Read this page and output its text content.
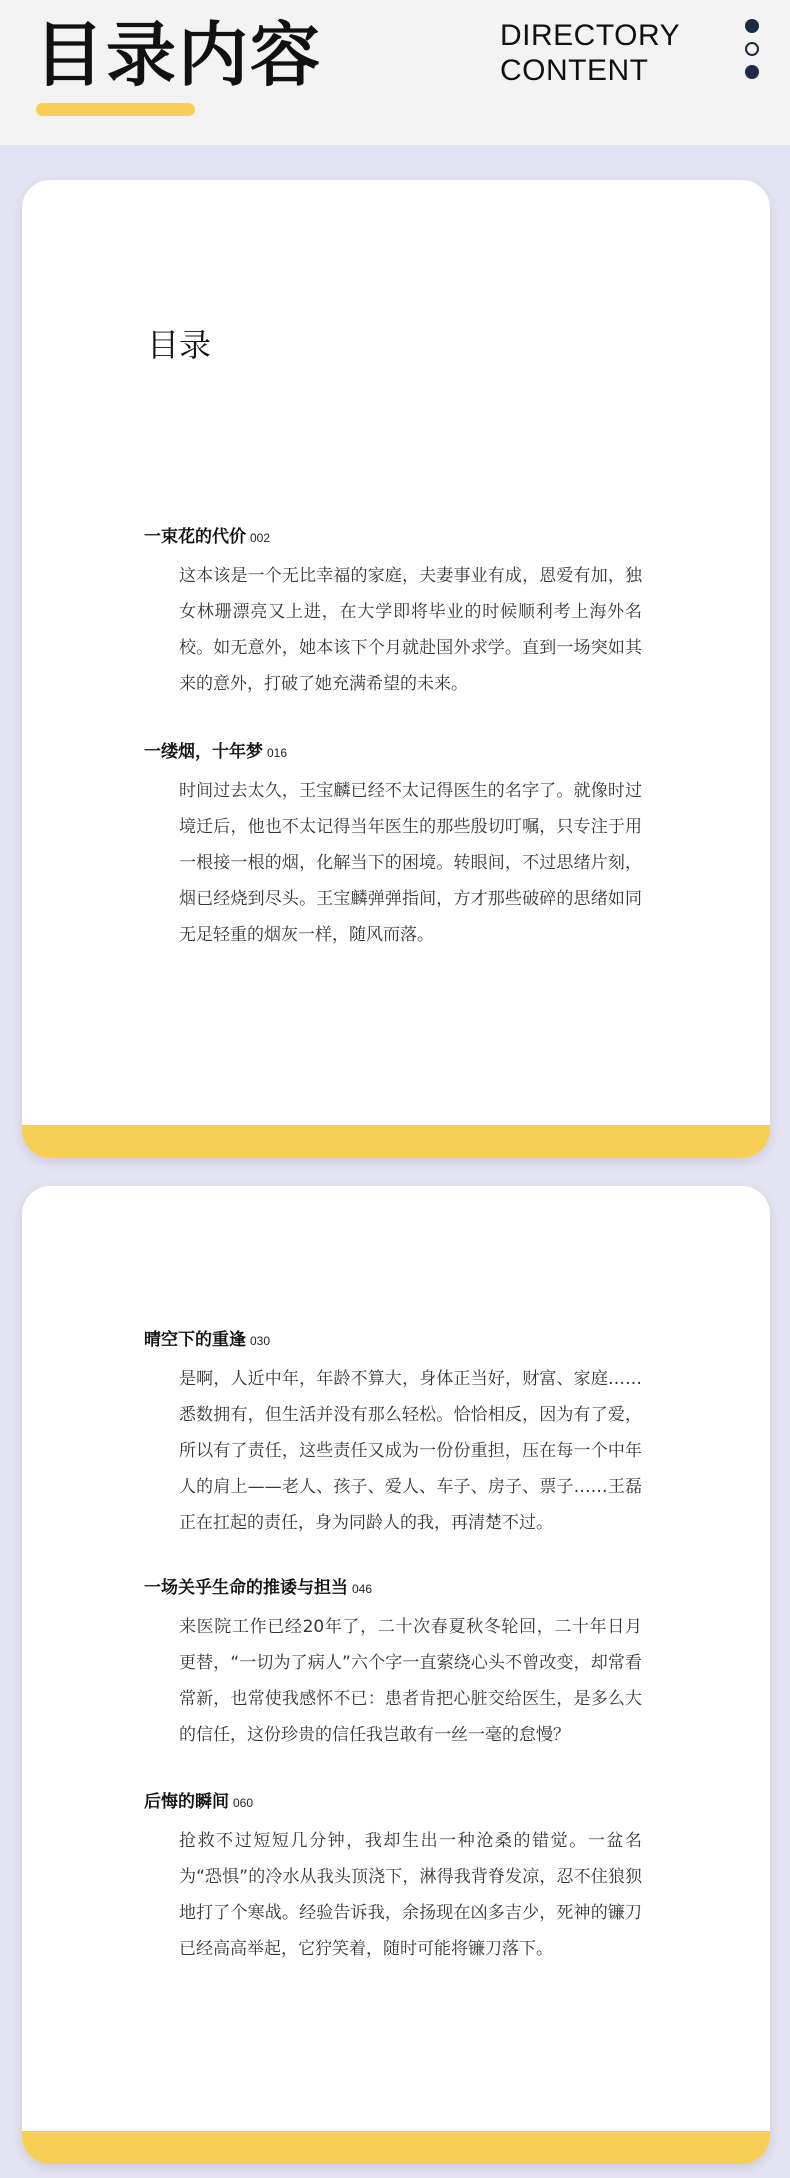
目录内容	DIRECTORY
CONTENT
目录
一束花的代价 002
这本该是一个无比幸福的家庭，夫妻事业有成，恩爱有加，独女林珊漂亮又上进，在大学即将毕业的时候顺利考上海外名校。如无意外，她本该下个月就赴国外求学。直到一场突如其来的意外，打破了她充满希望的未来。
一缕烟，十年梦 016
时间过去太久，王宝麟已经不太记得医生的名字了。就像时过境迁后，他也不太记得当年医生的那些殷切叮嘱，只专注于用一根接一根的烟，化解当下的困境。转眼间，不过思绪片刻，烟已经烧到尽头。王宝麟弹弹指间，方才那些破碎的思绪如同无足轻重的烟灰一样，随风而落。
晴空下的重逢 030
是啊，人近中年，年龄不算大，身体正当好，财富、家庭……悉数拥有，但生活并没有那么轻松。恰恰相反，因为有了爱，所以有了责任，这些责任又成为一份份重担，压在每一个中年人的肩上——老人、孩子、爱人、车子、房子、票子……王磊正在扛起的责任，身为同龄人的我，再清楚不过。
一场关乎生命的推诿与担当 046
来医院工作已经20年了，二十次春夏秋冬轮回，二十年日月更替，“一切为了病人”六个字一直萦绕心头不曾改变，却常看常新，也常使我感怀不已：患者肯把心脏交给医生，是多么大的信任，这份珍贵的信任我岂敢有一丝一毫的怠慢？
后悔的瞬间 060
抢救不过短短几分钟，我却生出一种沧桑的错觉。一盆名为“恐惧”的冷水从我头顶浇下，淋得我背脊发凉，忍不住狼狈地打了个寒战。经验告诉我，余扬现在凶多吉少，死神的镰刀已经高高举起，它狞笑着，随时可能将镰刀落下。
